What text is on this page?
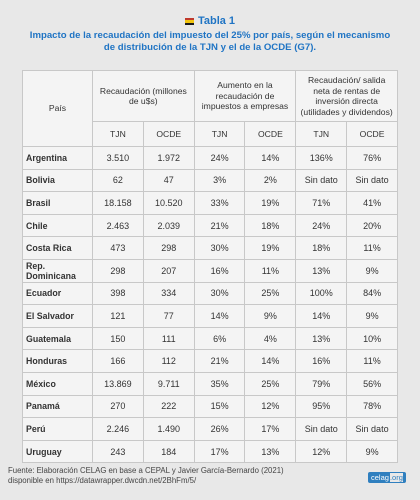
Tabla 1
Impacto de la recaudación del impuesto del 25% por país, según el mecanismo
de distribución de la TJN y el de la OCDE (G7).
País	Recaudación (millones de u$s)		Aumento en la recaudación de impuestos a empresas		Recaudación/ salida neta de rentas de inversión directa (utilidades y dividendos)	
	TJN	OCDE	TJN	OCDE	TJN	OCDE
Argentina	3.510	1.972	24%	14%	136%	76%
Bolivia	62	47	3%	2%	Sin dato	Sin dato
Brasil	18.158	10.520	33%	19%	71%	41%
Chile	2.463	2.039	21%	18%	24%	20%
Costa Rica	473	298	30%	19%	18%	11%
Rep. Dominicana	298	207	16%	11%	13%	9%
Ecuador	398	334	30%	25%	100%	84%
El Salvador	121	77	14%	9%	14%	9%
Guatemala	150	111	6%	4%	13%	10%
Honduras	166	112	21%	14%	16%	11%
México	13.869	9.711	35%	25%	79%	56%
Panamá	270	222	15%	12%	95%	78%
Perú	2.246	1.490	26%	17%	Sin dato	Sin dato
Uruguay	243	184	17%	13%	12%	9%
Fuente: Elaboración CELAG en base a CEPAL y Javier García-Bernardo (2021)
disponible en https://datawrapper.dwcdn.net/2BhFm/5/	celag.org
